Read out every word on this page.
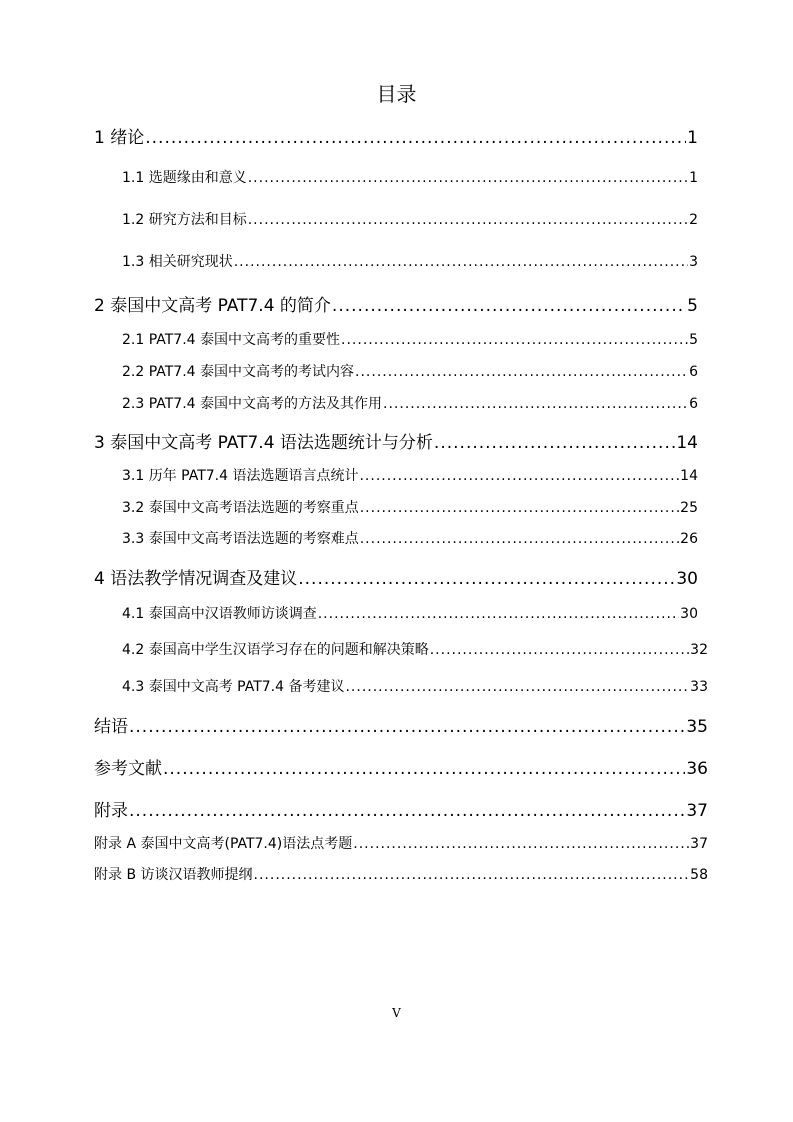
目录
1 绪论 .....	1
1.1 选题缘由和意义 .....	1
1.2 研究方法和目标 .....	2
1.3 相关研究现状 .....	3
2 泰国中文高考 PAT7.4 的简介 .....	5
2.1 PAT7.4 泰国中文高考的重要性 .....	5
2.2 PAT7.4 泰国中文高考的考试内容 .....	6
2.3 PAT7.4 泰国中文高考的方法及其作用 .....	6
3 泰国中文高考 PAT7.4 语法选题统计与分析 .....	14
3.1 历年 PAT7.4 语法选题语言点统计 .....	14
3.2 泰国中文高考语法选题的考察重点 .....	25
3.3 泰国中文高考语法选题的考察难点 .....	26
4 语法教学情况调查及建议 .....	30
4.1 泰国高中汉语教师访谈调查 .....	30
4.2 泰国高中学生汉语学习存在的问题和解决策略 .....	32
4.3 泰国中文高考 PAT7.4 备考建议 .....	33
结语 .....	35
参考文献 .....	36
附录 .....	37
附录 A 泰国中文高考(PAT7.4)语法点考题 .....	37
附录 B 访谈汉语教师提纲 .....	58
V
